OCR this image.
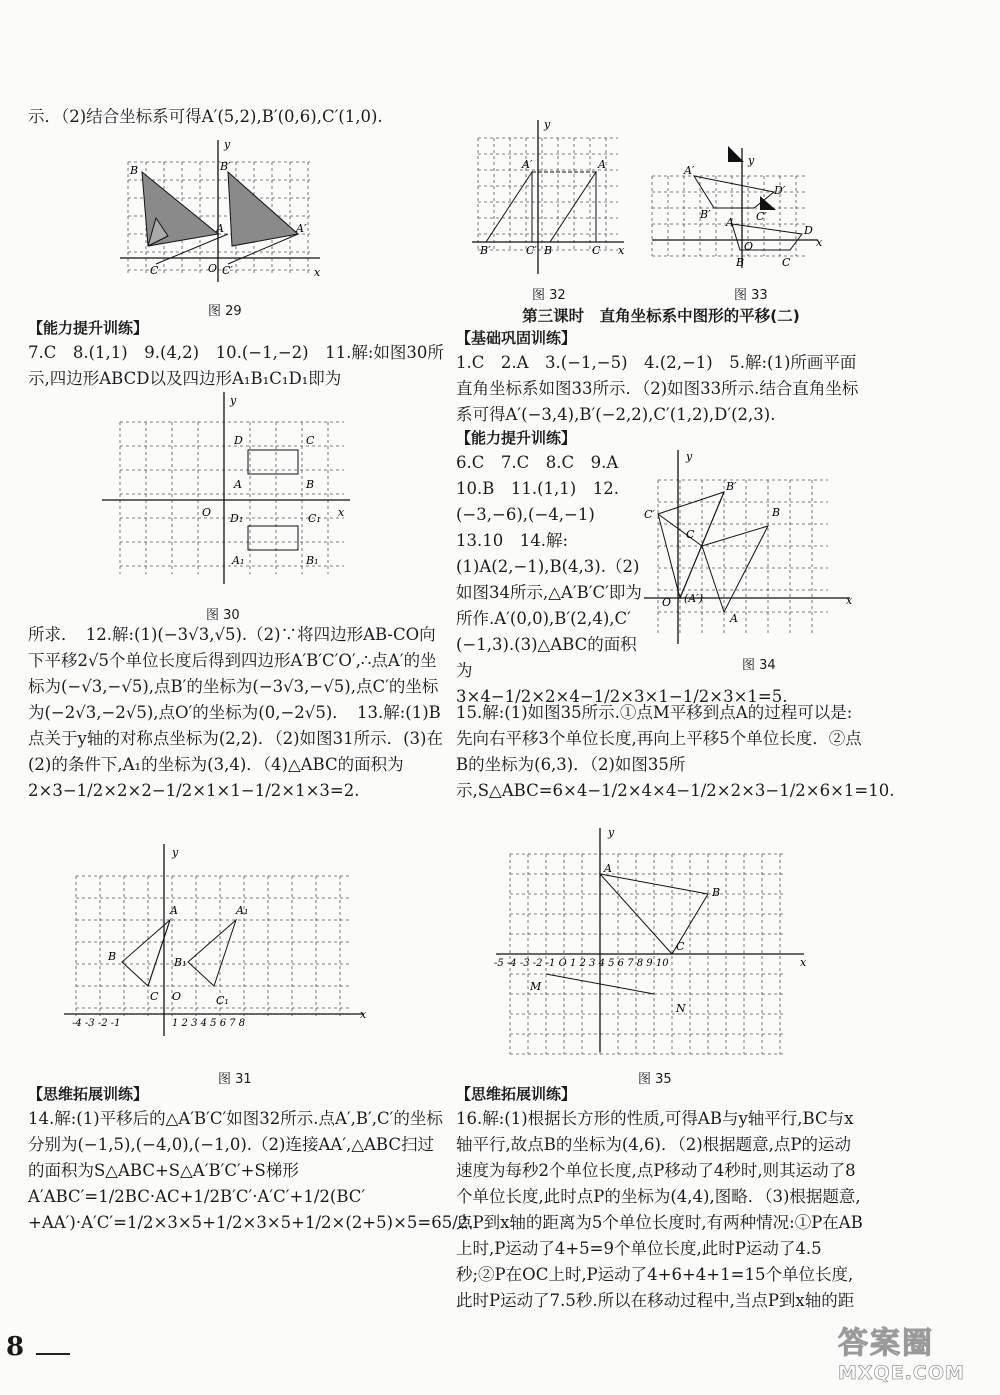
示．（2)结合坐标系可得A′(5,2),B′(0,6),C′(1,0).
B	B′
A	A′
C	O C′
y
x
图 29
【能力提升训练】
7.C　8.(1,1)　9.(4,2)　10.(−1,−2)　11.解:如图30所示,四边形ABCD以及四边形A₁B₁C₁D₁即为
D	C
A	B
O D₁	C₁
A₁	B₁
y
x
图 30
所求．　12.解:(1)(−3√3,√5).（2)∵将四边形AB-CO向下平移2√5个单位长度后得到四边形A′B′C′O′,∴点A′的坐标为(−√3,−√5),点B′的坐标为(−3√3,−√5),点C′的坐标为(−2√3,−2√5),点O′的坐标为(0,−2√5)．　13.解:(1)B点关于y轴的对称点坐标为(2,2)．（2)如图31所示．(3)在(2)的条件下,A₁的坐标为(3,4)．（4)△ABC的面积为2×3−1/2×2×2−1/2×1×1−1/2×1×3=2.
A	A₁
B	B₁
C O	C₁
y
x
-4 -3 -2 -1	1 2 3 4 5 6 7 8
图 31
【思维拓展训练】
14.解:(1)平移后的△A′B′C′如图32所示.点A′,B′,C′的坐标分别为(−1,5),(−4,0),(−1,0).（2)连接AA′,△ABC扫过的面积为S△ABC+S△A′B′C′+S梯形A′ABC′=1/2BC·AC+1/2B′C′·A′C′+1/2(BC′+AA′)·A′C′=1/2×3×5+1/2×3×5+1/2×(2+5)×5=65/2.
A′	A
B′	C′ B	C
y
x
图 32
A′
D′
B′	C′
A
D
O
B	C
y
x
图 33
第三课时　直角坐标系中图形的平移(二)
【基础巩固训练】
1.C　2.A　3.(−1,−5)　4.(2,−1)　5.解:(1)所画平面直角坐标系如图33所示．（2)如图33所示.结合直角坐标系可得A′(−3,4),B′(−2,2),C′(1,2),D′(2,3).
【能力提升训练】
6.C　7.C　8.C　9.A　10.B　11.(1,1)　12.(−3,−6),(−4,−1)　13.10　14.解:(1)A(2,−1),B(4,3).（2)如图34所示,△A′B′C′即为所作.A′(0,0),B′(2,4),C′(−1,3).(3)△ABC的面积为3×4−1/2×2×4−1/2×3×1−1/2×3×1=5.
B′
C′	B
C
O (A′)
A
y
x
图 34
15.解:(1)如图35所示.①点M平移到点A的过程可以是:先向右平移3个单位长度,再向上平移5个单位长度．②点B的坐标为(6,3)．（2)如图35所示,S△ABC=6×4−1/2×4×4−1/2×2×3−1/2×6×1=10.
A
B
C
M
N
y
x
-5 -4 -3 -2 -1 O 1 2 3 4 5 6 7 8 9 10
图 35
【思维拓展训练】
16.解:(1)根据长方形的性质,可得AB与y轴平行,BC与x轴平行,故点B的坐标为(4,6)．（2)根据题意,点P的运动速度为每秒2个单位长度,点P移动了4秒时,则其运动了8个单位长度,此时点P的坐标为(4,4),图略．（3)根据题意,点P到x轴的距离为5个单位长度时,有两种情况:①P在AB上时,P运动了4+5=9个单位长度,此时P运动了4.5秒;②P在OC上时,P运动了4+6+4+1=15个单位长度,此时P运动了7.5秒.所以在移动过程中,当点P到x轴的距
8	答案圈
MXQE.COM
